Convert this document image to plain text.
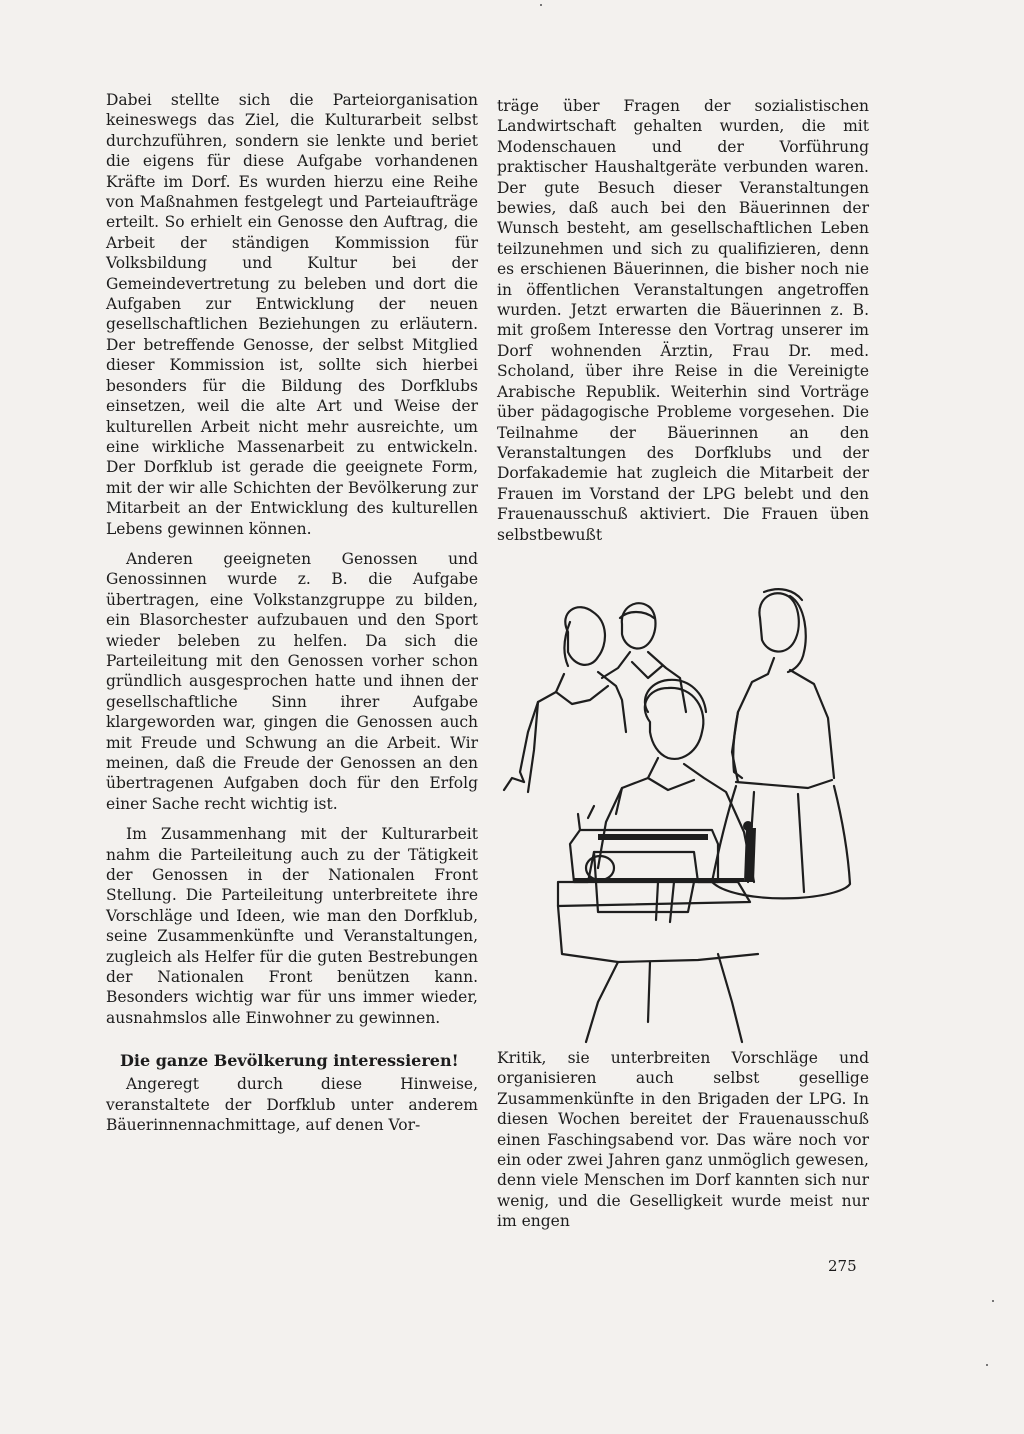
Dabei stellte sich die Parteiorganisation keineswegs das Ziel, die Kulturarbeit selbst durchzuführen, sondern sie lenkte und beriet die eigens für diese Aufgabe vorhandenen Kräfte im Dorf. Es wurden hierzu eine Reihe von Maßnahmen festgelegt und Parteiaufträge erteilt. So erhielt ein Genosse den Auftrag, die Arbeit der ständigen Kommission für Volksbildung und Kultur bei der Gemeindevertretung zu beleben und dort die Aufgaben zur Entwicklung der neuen gesellschaftlichen Beziehungen zu erläutern. Der betreffende Genosse, der selbst Mitglied dieser Kommission ist, sollte sich hierbei besonders für die Bildung des Dorfklubs einsetzen, weil die alte Art und Weise der kulturellen Arbeit nicht mehr ausreichte, um eine wirkliche Massenarbeit zu entwickeln. Der Dorfklub ist gerade die geeignete Form, mit der wir alle Schichten der Bevölkerung zur Mitarbeit an der Entwicklung des kulturellen Lebens gewinnen können.

Anderen geeigneten Genossen und Genossinnen wurde z. B. die Aufgabe übertragen, eine Volkstanzgruppe zu bilden, ein Blasorchester aufzubauen und den Sport wieder beleben zu helfen. Da sich die Parteileitung mit den Genossen vorher schon gründlich ausgesprochen hatte und ihnen der gesellschaftliche Sinn ihrer Aufgabe klargeworden war, gingen die Genossen auch mit Freude und Schwung an die Arbeit. Wir meinen, daß die Freude der Genossen an den übertragenen Aufgaben doch für den Erfolg einer Sache recht wichtig ist.

Im Zusammenhang mit der Kulturarbeit nahm die Parteileitung auch zu der Tätigkeit der Genossen in der Nationalen Front Stellung. Die Parteileitung unterbreitete ihre Vorschläge und Ideen, wie man den Dorfklub, seine Zusammenkünfte und Veranstaltungen, zugleich als Helfer für die guten Bestrebungen der Nationalen Front benützen kann. Besonders wichtig war für uns immer wieder, ausnahmslos alle Einwohner zu gewinnen.

Die ganze Bevölkerung interessieren!

Angeregt durch diese Hinweise, veranstaltete der Dorfklub unter anderem Bäuerinnennachmittage, auf denen Vor-

träge über Fragen der sozialistischen Landwirtschaft gehalten wurden, die mit Modenschauen und der Vorführung praktischer Haushaltgeräte verbunden waren. Der gute Besuch dieser Veranstaltungen bewies, daß auch bei den Bäuerinnen der Wunsch besteht, am gesellschaftlichen Leben teilzunehmen und sich zu qualifizieren, denn es erschienen Bäuerinnen, die bisher noch nie in öffentlichen Veranstaltungen angetroffen wurden. Jetzt erwarten die Bäuerinnen z. B. mit großem Interesse den Vortrag unserer im Dorf wohnenden Ärztin, Frau Dr. med. Scholand, über ihre Reise in die Vereinigte Arabische Republik. Weiterhin sind Vorträge über pädagogische Probleme vorgesehen. Die Teilnahme der Bäuerinnen an den Veranstaltungen des Dorfklubs und der Dorfakademie hat zugleich die Mitarbeit der Frauen im Vorstand der LPG belebt und den Frauenausschuß aktiviert. Die Frauen üben selbstbewußt

Kritik, sie unterbreiten Vorschläge und organisieren auch selbst gesellige Zusammenkünfte in den Brigaden der LPG. In diesen Wochen bereitet der Frauenausschuß einen Faschingsabend vor. Das wäre noch vor ein oder zwei Jahren ganz unmöglich gewesen, denn viele Menschen im Dorf kannten sich nur wenig, und die Geselligkeit wurde meist nur im engen

275
